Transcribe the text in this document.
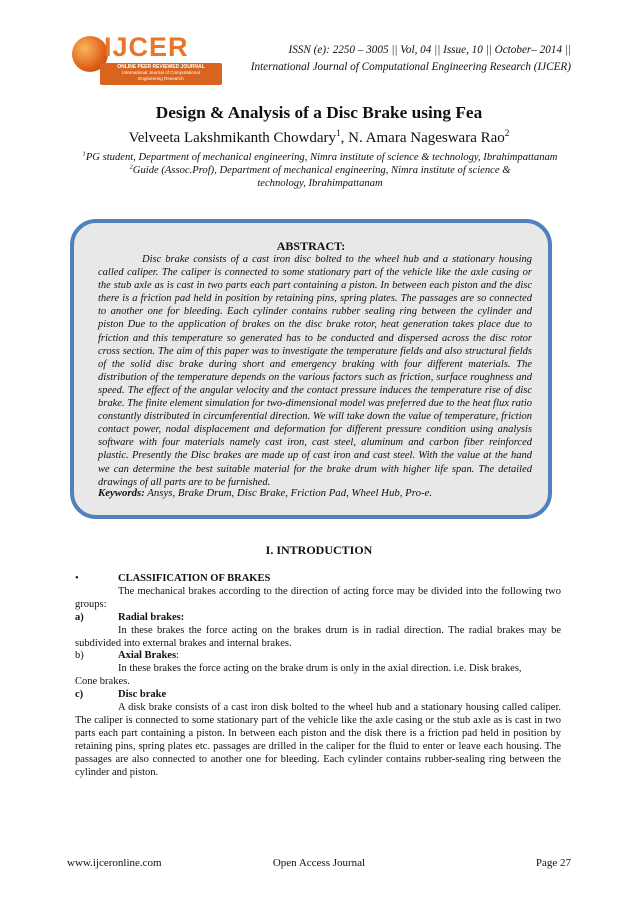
IJCER
ONLINE PEER REVIEWED JOURNAL
International Journal of Computational
Engineering Research
ISSN (e): 2250 – 3005 || Vol, 04 || Issue, 10 || October– 2014 ||
International Journal of Computational Engineering Research (IJCER)
Design & Analysis of a Disc Brake using Fea
Velveeta Lakshmikanth Chowdary$^1$, N. Amara Nageswara Rao$^2$
$^1$PG student, Department of mechanical engineering, Nimra institute of science & technology, Ibrahimpattanam
$^2$Guide (Assoc.Prof), Department of mechanical engineering, Nimra institute of science & technology, Ibrahimpattanam
ABSTRACT:
Disc brake consists of a cast iron disc bolted to the wheel hub and a stationary housing called caliper. The caliper is connected to some stationary part of the vehicle like the axle casing or the stub axle as is cast in two parts each part containing a piston. In between each piston and the disc there is a friction pad held in position by retaining pins, spring plates. The passages are so connected to another one for bleeding. Each cylinder contains rubber sealing ring between the cylinder and piston Due to the application of brakes on the disc brake rotor, heat generation takes place due to friction and this temperature so generated has to be conducted and dispersed across the disc rotor cross section. The aim of this paper was to investigate the temperature fields and also structural fields of the solid disc brake during short and emergency braking with four different materials. The distribution of the temperature depends on the various factors such as friction, surface roughness and speed. The effect of the angular velocity and the contact pressure induces the temperature rise of disc brake. The finite element simulation for two-dimensional model was preferred due to the heat flux ratio constantly distributed in circumferential direction. We will take down the value of temperature, friction contact power, nodal displacement and deformation for different pressure condition using analysis software with four materials namely cast iron, cast steel, aluminum and carbon fiber reinforced plastic. Presently the Disc brakes are made up of cast iron and cast steel. With the value at the hand we can determine the best suitable material for the brake drum with higher life span. The detailed drawings of all parts are to be furnished.
Keywords: Ansys, Brake Drum, Disc Brake, Friction Pad, Wheel Hub, Pro-e.
I. INTRODUCTION
•	CLASSIFICATION OF BRAKES
The mechanical brakes according to the direction of acting force may be divided into the following two groups:
a)	Radial brakes:
In these brakes the force acting on the brakes drum is in radial direction. The radial brakes may be subdivided into external brakes and internal brakes.
b)	Axial Brakes:
In these brakes the force acting on the brake drum is only in the axial direction. i.e. Disk brakes,
Cone brakes.
c)	Disc brake
A disk brake consists of a cast iron disk bolted to the wheel hub and a stationary housing called caliper. The caliper is connected to some stationary part of the vehicle like the axle casing or the stub axle as is cast in two parts each part containing a piston. In between each piston and the disk there is a friction pad held in position by retaining pins, spring plates etc. passages are drilled in the caliper for the fluid to enter or leave each housing. The passages are also connected to another one for bleeding. Each cylinder contains rubber-sealing ring between the cylinder and piston.
www.ijceronline.com	Open Access Journal	Page 27
